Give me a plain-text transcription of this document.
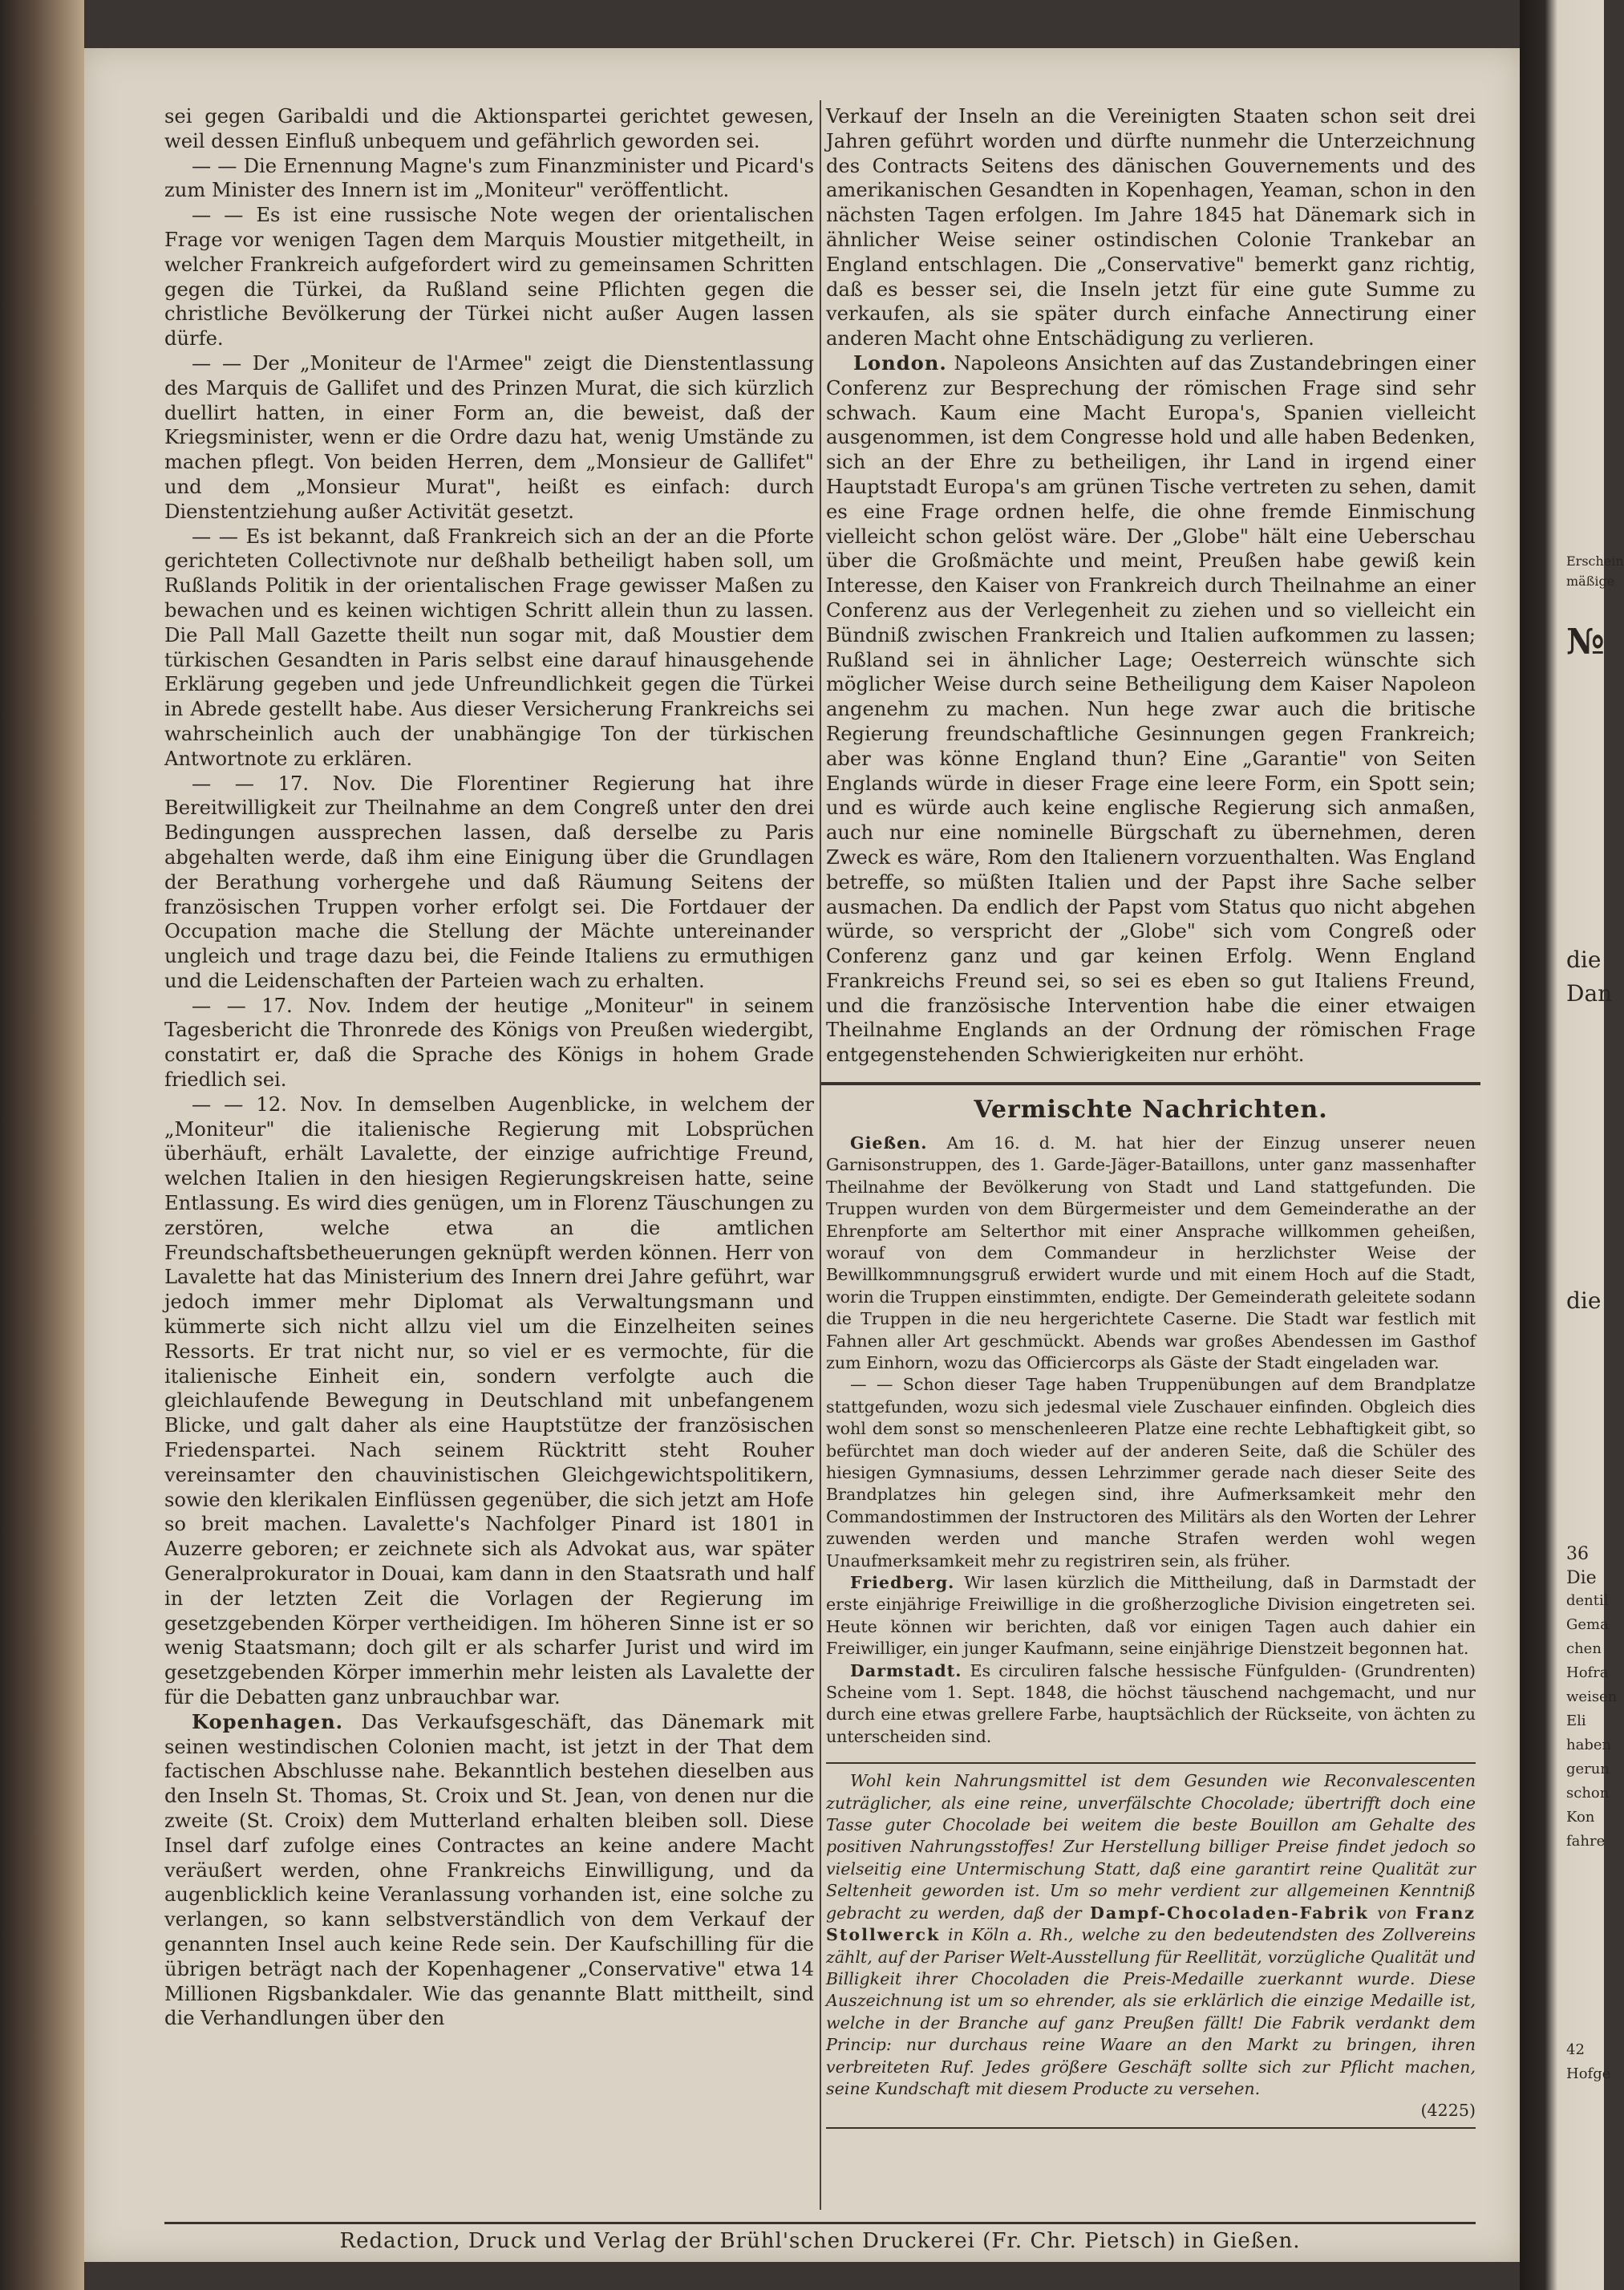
Erschein
mäßige
№
die
Dan
die
36
Die
dentil
Gema
chen
Hofra
weisen
Eli
haben
gerun
schon
Kon
fahre
42
Hofge

sei gegen Garibaldi und die Aktionspartei gerichtet gewesen, weil dessen Einfluß unbequem und gefährlich geworden sei.

— — Die Ernennung Magne's zum Finanzminister und Picard's zum Minister des Innern ist im „Moniteur" veröffentlicht.

— — Es ist eine russische Note wegen der orientalischen Frage vor wenigen Tagen dem Marquis Moustier mitgetheilt, in welcher Frankreich aufgefordert wird zu gemeinsamen Schritten gegen die Türkei, da Rußland seine Pflichten gegen die christliche Bevölkerung der Türkei nicht außer Augen lassen dürfe.

— — Der „Moniteur de l'Armee" zeigt die Dienstentlassung des Marquis de Gallifet und des Prinzen Murat, die sich kürzlich duellirt hatten, in einer Form an, die beweist, daß der Kriegsminister, wenn er die Ordre dazu hat, wenig Umstände zu machen pflegt. Von beiden Herren, dem „Monsieur de Gallifet" und dem „Monsieur Murat", heißt es einfach: durch Dienstentziehung außer Activität gesetzt.

— — Es ist bekannt, daß Frankreich sich an der an die Pforte gerichteten Collectivnote nur deßhalb betheiligt haben soll, um Rußlands Politik in der orientalischen Frage gewisser Maßen zu bewachen und es keinen wichtigen Schritt allein thun zu lassen. Die Pall Mall Gazette theilt nun sogar mit, daß Moustier dem türkischen Gesandten in Paris selbst eine darauf hinausgehende Erklärung gegeben und jede Unfreundlichkeit gegen die Türkei in Abrede gestellt habe. Aus dieser Versicherung Frankreichs sei wahrscheinlich auch der unabhängige Ton der türkischen Antwortnote zu erklären.

— — 17. Nov. Die Florentiner Regierung hat ihre Bereitwilligkeit zur Theilnahme an dem Congreß unter den drei Bedingungen aussprechen lassen, daß derselbe zu Paris abgehalten werde, daß ihm eine Einigung über die Grundlagen der Berathung vorhergehe und daß Räumung Seitens der französischen Truppen vorher erfolgt sei. Die Fortdauer der Occupation mache die Stellung der Mächte untereinander ungleich und trage dazu bei, die Feinde Italiens zu ermuthigen und die Leidenschaften der Parteien wach zu erhalten.

— — 17. Nov. Indem der heutige „Moniteur" in seinem Tagesbericht die Thronrede des Königs von Preußen wiedergibt, constatirt er, daß die Sprache des Königs in hohem Grade friedlich sei.

— — 12. Nov. In demselben Augenblicke, in welchem der „Moniteur" die italienische Regierung mit Lobsprüchen überhäuft, erhält Lavalette, der einzige aufrichtige Freund, welchen Italien in den hiesigen Regierungskreisen hatte, seine Entlassung. Es wird dies genügen, um in Florenz Täuschungen zu zerstören, welche etwa an die amtlichen Freundschaftsbetheuerungen geknüpft werden können. Herr von Lavalette hat das Ministerium des Innern drei Jahre geführt, war jedoch immer mehr Diplomat als Verwaltungsmann und kümmerte sich nicht allzu viel um die Einzelheiten seines Ressorts. Er trat nicht nur, so viel er es vermochte, für die italienische Einheit ein, sondern verfolgte auch die gleichlaufende Bewegung in Deutschland mit unbefangenem Blicke, und galt daher als eine Hauptstütze der französischen Friedenspartei. Nach seinem Rücktritt steht Rouher vereinsamter den chauvinistischen Gleichgewichtspolitikern, sowie den klerikalen Einflüssen gegenüber, die sich jetzt am Hofe so breit machen. Lavalette's Nachfolger Pinard ist 1801 in Auzerre geboren; er zeichnete sich als Advokat aus, war später Generalprokurator in Douai, kam dann in den Staatsrath und half in der letzten Zeit die Vorlagen der Regierung im gesetzgebenden Körper vertheidigen. Im höheren Sinne ist er so wenig Staatsmann; doch gilt er als scharfer Jurist und wird im gesetzgebenden Körper immerhin mehr leisten als Lavalette der für die Debatten ganz unbrauchbar war.

Kopenhagen. Das Verkaufsgeschäft, das Dänemark mit seinen westindischen Colonien macht, ist jetzt in der That dem factischen Abschlusse nahe. Bekanntlich bestehen dieselben aus den Inseln St. Thomas, St. Croix und St. Jean, von denen nur die zweite (St. Croix) dem Mutterland erhalten bleiben soll. Diese Insel darf zufolge eines Contractes an keine andere Macht veräußert werden, ohne Frankreichs Einwilligung, und da augenblicklich keine Veranlassung vorhanden ist, eine solche zu verlangen, so kann selbstverständlich von dem Verkauf der genannten Insel auch keine Rede sein. Der Kaufschilling für die übrigen beträgt nach der Kopenhagener „Conservative" etwa 14 Millionen Rigsbankdaler. Wie das genannte Blatt mittheilt, sind die Verhandlungen über den

Verkauf der Inseln an die Vereinigten Staaten schon seit drei Jahren geführt worden und dürfte nunmehr die Unterzeichnung des Contracts Seitens des dänischen Gouvernements und des amerikanischen Gesandten in Kopenhagen, Yeaman, schon in den nächsten Tagen erfolgen. Im Jahre 1845 hat Dänemark sich in ähnlicher Weise seiner ostindischen Colonie Trankebar an England entschlagen. Die „Conservative" bemerkt ganz richtig, daß es besser sei, die Inseln jetzt für eine gute Summe zu verkaufen, als sie später durch einfache Annectirung einer anderen Macht ohne Entschädigung zu verlieren.

London. Napoleons Ansichten auf das Zustandebringen einer Conferenz zur Besprechung der römischen Frage sind sehr schwach. Kaum eine Macht Europa's, Spanien vielleicht ausgenommen, ist dem Congresse hold und alle haben Bedenken, sich an der Ehre zu betheiligen, ihr Land in irgend einer Hauptstadt Europa's am grünen Tische vertreten zu sehen, damit es eine Frage ordnen helfe, die ohne fremde Einmischung vielleicht schon gelöst wäre. Der „Globe" hält eine Ueberschau über die Großmächte und meint, Preußen habe gewiß kein Interesse, den Kaiser von Frankreich durch Theilnahme an einer Conferenz aus der Verlegenheit zu ziehen und so vielleicht ein Bündniß zwischen Frankreich und Italien aufkommen zu lassen; Rußland sei in ähnlicher Lage; Oesterreich wünschte sich möglicher Weise durch seine Betheiligung dem Kaiser Napoleon angenehm zu machen. Nun hege zwar auch die britische Regierung freundschaftliche Gesinnungen gegen Frankreich; aber was könne England thun? Eine „Garantie" von Seiten Englands würde in dieser Frage eine leere Form, ein Spott sein; und es würde auch keine englische Regierung sich anmaßen, auch nur eine nominelle Bürgschaft zu übernehmen, deren Zweck es wäre, Rom den Italienern vorzuenthalten. Was England betreffe, so müßten Italien und der Papst ihre Sache selber ausmachen. Da endlich der Papst vom Status quo nicht abgehen würde, so verspricht der „Globe" sich vom Congreß oder Conferenz ganz und gar keinen Erfolg. Wenn England Frankreichs Freund sei, so sei es eben so gut Italiens Freund, und die französische Intervention habe die einer etwaigen Theilnahme Englands an der Ordnung der römischen Frage entgegenstehenden Schwierigkeiten nur erhöht.

Vermischte Nachrichten.

Gießen. Am 16. d. M. hat hier der Einzug unserer neuen Garnisonstruppen, des 1. Garde-Jäger-Bataillons, unter ganz massenhafter Theilnahme der Bevölkerung von Stadt und Land stattgefunden. Die Truppen wurden von dem Bürgermeister und dem Gemeinderathe an der Ehrenpforte am Selterthor mit einer Ansprache willkommen geheißen, worauf von dem Commandeur in herzlichster Weise der Bewillkommnungsgruß erwidert wurde und mit einem Hoch auf die Stadt, worin die Truppen einstimmten, endigte. Der Gemeinderath geleitete sodann die Truppen in die neu hergerichtete Caserne. Die Stadt war festlich mit Fahnen aller Art geschmückt. Abends war großes Abendessen im Gasthof zum Einhorn, wozu das Officiercorps als Gäste der Stadt eingeladen war.

— — Schon dieser Tage haben Truppenübungen auf dem Brandplatze stattgefunden, wozu sich jedesmal viele Zuschauer einfinden. Obgleich dies wohl dem sonst so menschenleeren Platze eine rechte Lebhaftigkeit gibt, so befürchtet man doch wieder auf der anderen Seite, daß die Schüler des hiesigen Gymnasiums, dessen Lehrzimmer gerade nach dieser Seite des Brandplatzes hin gelegen sind, ihre Aufmerksamkeit mehr den Commandostimmen der Instructoren des Militärs als den Worten der Lehrer zuwenden werden und manche Strafen werden wohl wegen Unaufmerksamkeit mehr zu registriren sein, als früher.

Friedberg. Wir lasen kürzlich die Mittheilung, daß in Darmstadt der erste einjährige Freiwillige in die großherzogliche Division eingetreten sei. Heute können wir berichten, daß vor einigen Tagen auch dahier ein Freiwilliger, ein junger Kaufmann, seine einjährige Dienstzeit begonnen hat.

Darmstadt. Es circuliren falsche hessische Fünfgulden- (Grundrenten) Scheine vom 1. Sept. 1848, die höchst täuschend nachgemacht, und nur durch eine etwas grellere Farbe, hauptsächlich der Rückseite, von ächten zu unterscheiden sind.

Wohl kein Nahrungsmittel ist dem Gesunden wie Reconvalescenten zuträglicher, als eine reine, unverfälschte Chocolade; übertrifft doch eine Tasse guter Chocolade bei weitem die beste Bouillon am Gehalte des positiven Nahrungsstoffes! Zur Herstellung billiger Preise findet jedoch so vielseitig eine Untermischung Statt, daß eine garantirt reine Qualität zur Seltenheit geworden ist. Um so mehr verdient zur allgemeinen Kenntniß gebracht zu werden, daß der Dampf-Chocoladen-Fabrik von Franz Stollwerck in Köln a. Rh., welche zu den bedeutendsten des Zollvereins zählt, auf der Pariser Welt-Ausstellung für Reellität, vorzügliche Qualität und Billigkeit ihrer Chocoladen die Preis-Medaille zuerkannt wurde. Diese Auszeichnung ist um so ehrender, als sie erklärlich die einzige Medaille ist, welche in der Branche auf ganz Preußen fällt! Die Fabrik verdankt dem Princip: nur durchaus reine Waare an den Markt zu bringen, ihren verbreiteten Ruf. Jedes größere Geschäft sollte sich zur Pflicht machen, seine Kundschaft mit diesem Producte zu versehen.

(4225)
Redaction, Druck und Verlag der Brühl'schen Druckerei (Fr. Chr. Pietsch) in Gießen.
